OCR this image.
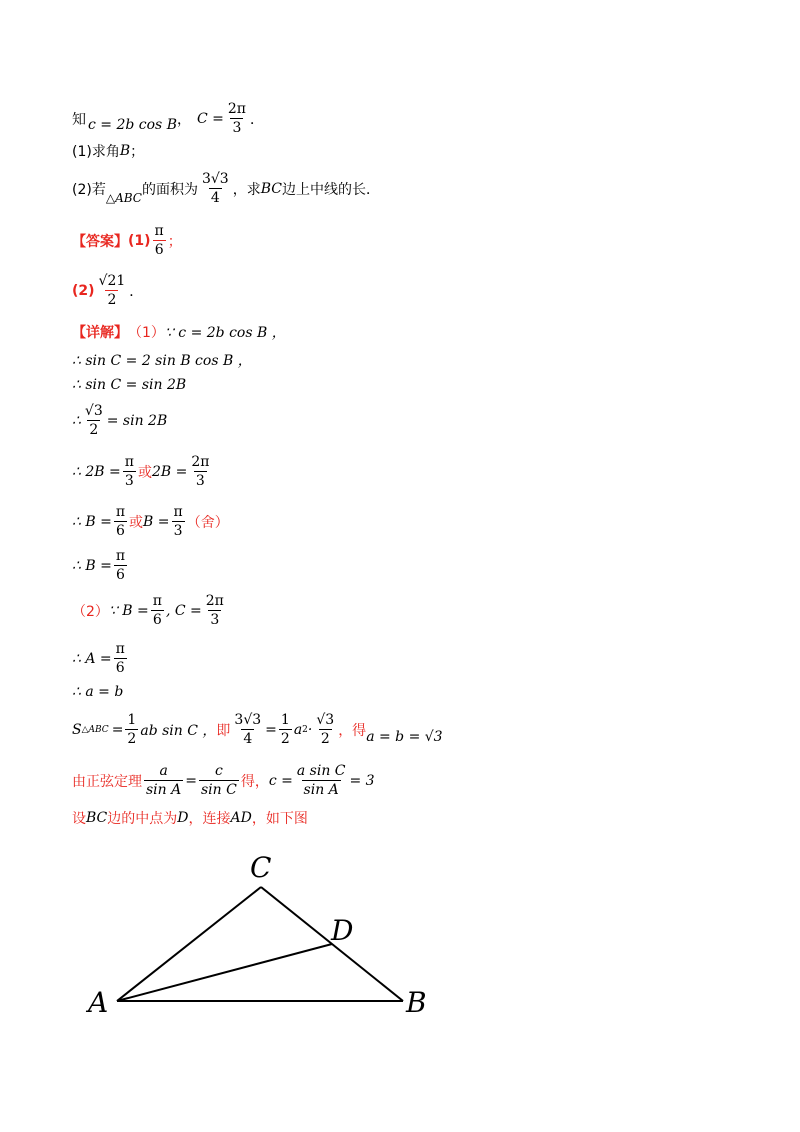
知 c = 2b cos B ， $C = \frac{2\pi}{3}$ ．
(1)求角 B ；
(2)若 △ABC 的面积为 $\frac{3√3}{4}$ ，求 BC 边上中线的长．
【答案】 $(1) \frac{\pi}{6}$ ；
$(2) \frac{√21}{2}$ ．
【详解】 （1） ∵ c = 2b cos B ，
∴ sin C = 2 sin B cos B ，
∴ sin C = sin 2B
∴ $\frac{√3}{2} = \sin 2B$
∴ $2B = \frac{\pi}{3}$ 或 $2B = \frac{2\pi}{3}$
∴ $B = \frac{\pi}{6}$ 或 $B = \frac{\pi}{3}$ （舍）
∴ $B = \frac{\pi}{6}$
（2） ∵ $B = \frac{\pi}{6}$ , $C = \frac{2\pi}{3}$
∴ $A = \frac{\pi}{6}$
∴ a = b
S △ABC = $\frac{1}{2}$ ab sin C ， 即 $\frac{3√3}{4} = \frac{1}{2}$ a $2 \cdot \frac{√3}{2}$ ，得 a = b = √3
由正弦定理 $\frac{a}{\text{sin A}} = \frac{c}{\text{sin C}}$ 得， $c = \frac{\text{a sin C}}{\text{sin A}} = 3$
设 BC 边的中点为 D ，连接 AD ，如下图
A	B
C
D
